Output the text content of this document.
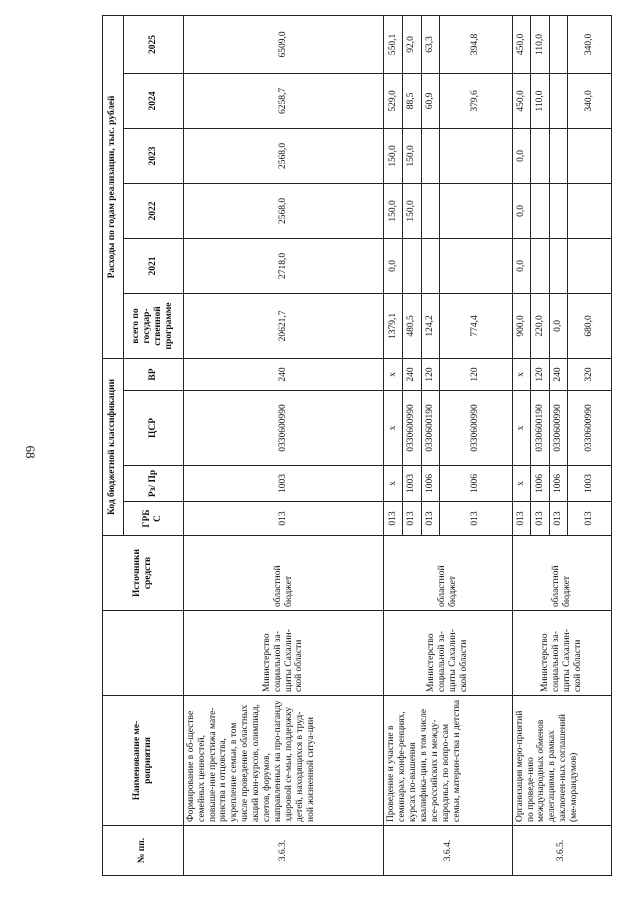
68
№ пп.	Наименование ме-роприятия		Источники средств	Код бюджетной классификации				Расходы по годам реализации, тыс. рублей					
				ГРБ С	Рз/ Пр	ЦСР	ВР	всего по государ-ственной программе	2021	2022	2023	2024	2025
3.6.3.	Формирование в об-ществе семейных ценностей, повыше-ние престижа мате-ринства и отцовства, укрепление семьи, в том числе проведение областных акций кон-курсов, олимпиад, слетов, форумов, направленных на про-паганду здоровой се-мьи, поддержку детей, находящихся в труд-ной жизненной ситуа-ции	Министерство социальной за-щиты Сахалин-ской области	областной бюджет	013	1003	0330600990	240	20621,7	2718,0	2568,0	2568,0	6258,7	6509,0
3.6.4.	Проведение и участие в семинарах, конфе-ренциях, курсах по-вышения квалифика-ции, в том числе все-российских и между-народных, по вопро-сам семьи, материн-ства и детства	Министерство социальной за-щиты Сахалин-ской области	областной бюджет	013	x	x	x	1379,1	0,0	150,0	150,0	529,0	550,1
				013	1003	0330600990	240	480,5		150,0	150,0	88,5	92,0
				013	1006	0330600190	120	124,2				60,9	63,3
				013	1006	0330600990	120	774,4				379,6	394,8
3.6.5.	Организация меро-приятий по проведе-нию международных обменов делегациями, в рамках заключен-ных соглашений (ме-морандумов)	Министерство социальной за-щиты Сахалин-ской области	областной бюджет	013	x	x	x	900,0	0,0	0,0	0,0	450,0	450,0
				013	1006	0330600190	120	220,0				110,0	110,0
				013	1006	0330600990	240	0,0					
				013	1003	0330600990	320	680,0				340,0	340,0
